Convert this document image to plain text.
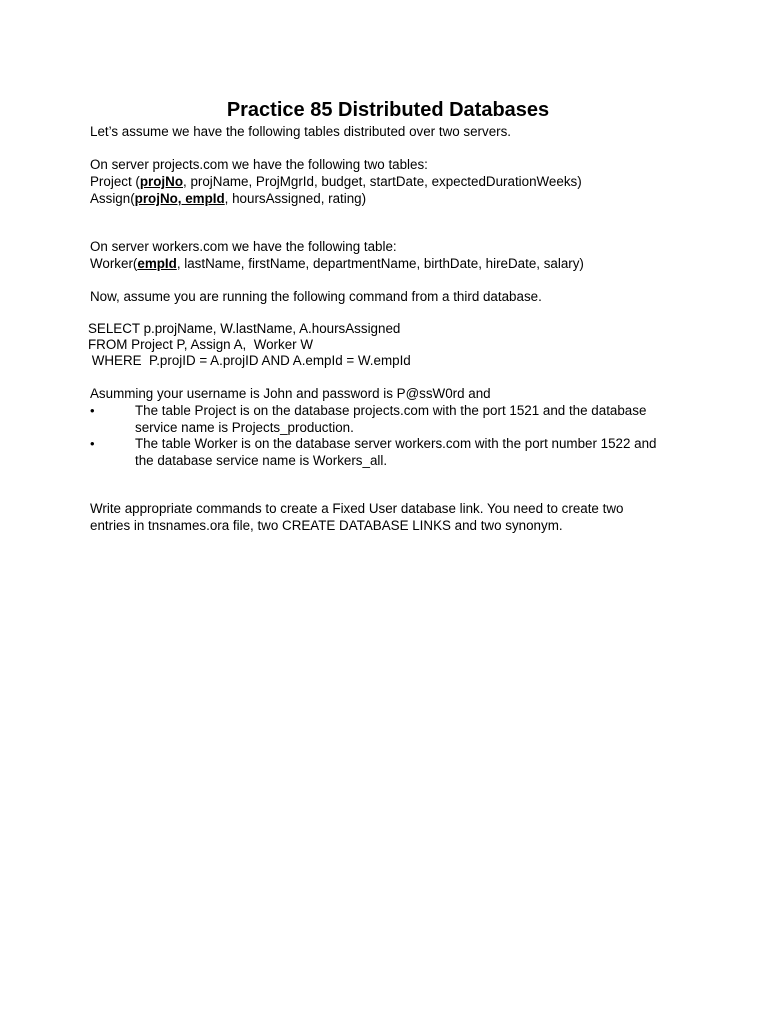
Practice 85 Distributed Databases

Let’s assume we have the following tables distributed over two servers.

On server projects.com we have the following two tables:

Project (projNo, projName, ProjMgrId, budget, startDate, expectedDurationWeeks)

Assign(projNo, empId, hoursAssigned, rating)

On server workers.com we have the following table:

Worker(empId, lastName, firstName, departmentName, birthDate, hireDate, salary)

Now, assume you are running the following command from a third database.

SELECT p.projName, W.lastName, A.hoursAssigned

FROM Project P, Assign A,  Worker W

WHERE  P.projID = A.projID AND A.empId = W.empId

Asumming your username is John and password is P@ssW0rd and

•	The table Project is on the database projects.com with the port 1521 and the database
service name is Projects_production.
•	The table Worker is on the database server workers.com with the port number 1522 and
the database service name is Workers_all.

Write appropriate commands to create a Fixed User database link. You need to create two

entries in tnsnames.ora file, two CREATE DATABASE LINKS and two synonym.
